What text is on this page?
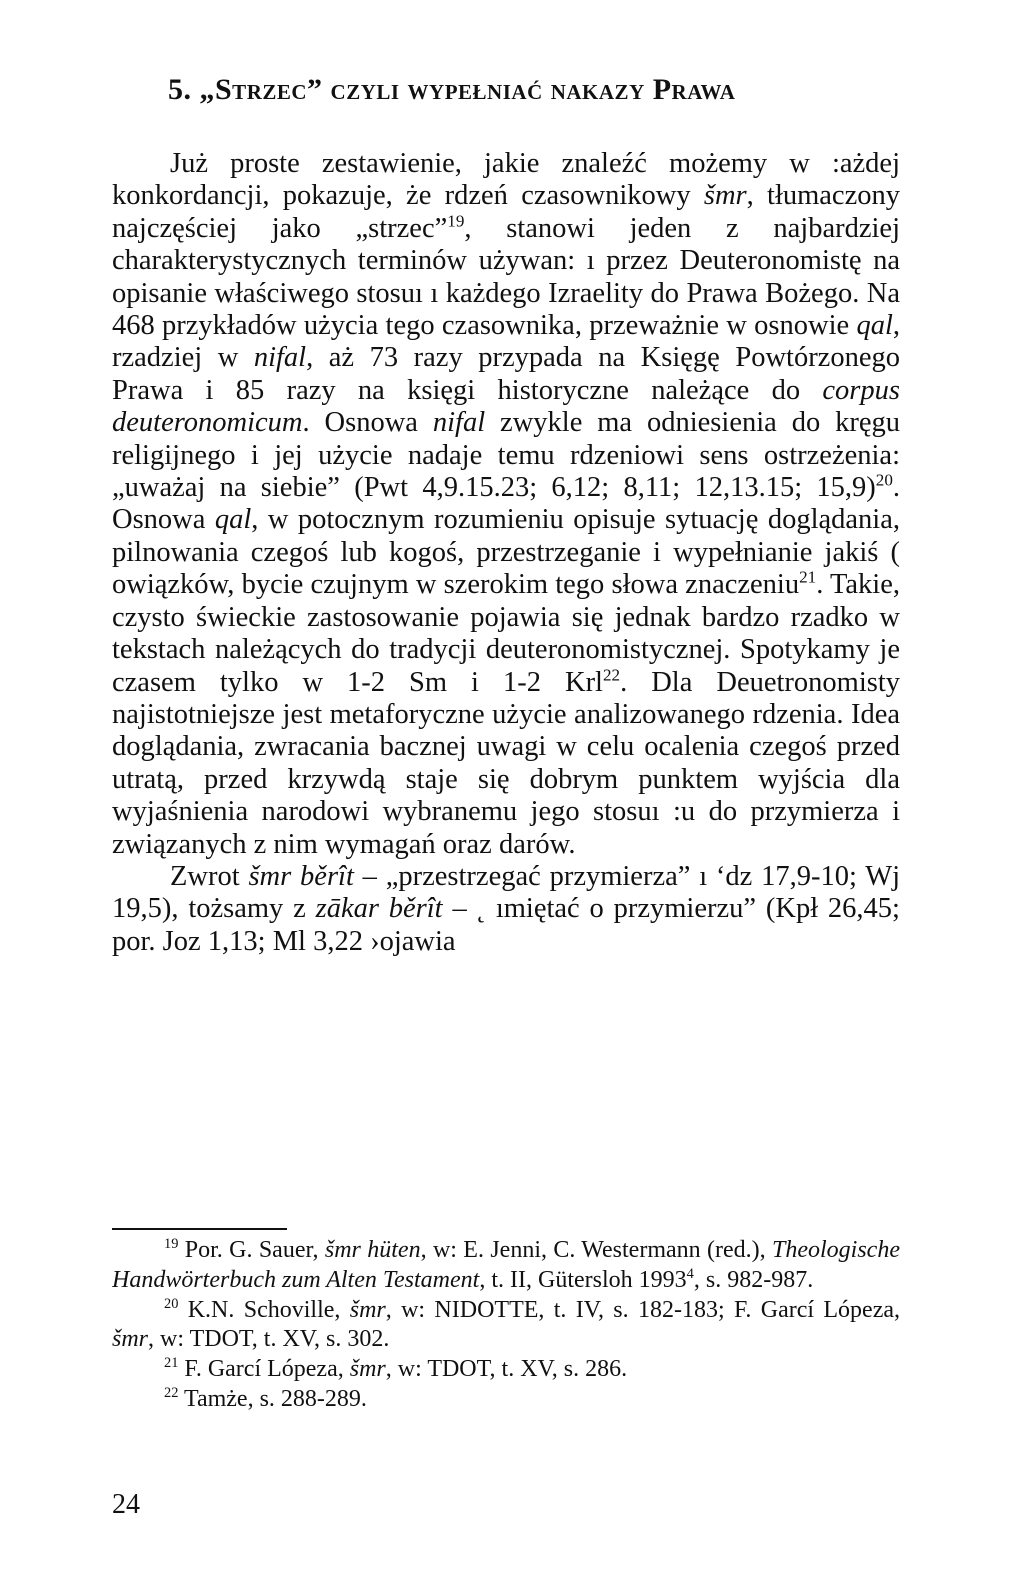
5. „Strzec” czyli wypełniać nakazy Prawa

Już proste zestawienie, jakie znaleźć możemy w :ażdej konkordancji, pokazuje, że rdzeń czasownikowy šmr, tłumaczony najczęściej jako „strzec”$^{19}$, stanowi jeden z najbardziej charakterystycznych terminów używan: ı przez Deuteronomistę na opisanie właściwego stosuı ı każdego Izraelity do Prawa Bożego. Na 468 przykładów użycia tego czasownika, przeważnie w osnowie qal, rzadziej w nifal, aż 73 razy przypada na Księgę Powtórzonego Prawa i 85 razy na księgi historyczne należące do corpus deuteronomicum. Osnowa nifal zwykle ma odniesienia do kręgu religijnego i jej użycie nadaje temu rdzeniowi sens ostrzeżenia: „uważaj na siebie” (Pwt 4,9.15.23; 6,12; 8,11; 12,13.15; 15,9)$^{20}$. Osnowa qal, w potocznym rozumieniu opisuje sytuację doglądania, pilnowania czegoś lub kogoś, przestrzeganie i wypełnianie jakiś ( owiązków, bycie czujnym w szerokim tego słowa znaczeniu$^{21}$. Takie, czysto świeckie zastosowanie pojawia się jednak bardzo rzadko w tekstach należących do tradycji deuteronomistycznej. Spotykamy je czasem tylko w 1-2 Sm i 1-2 Krl$^{22}$. Dla Deuetronomisty najistotniejsze jest metaforyczne użycie analizowanego rdzenia. Idea doglądania, zwracania bacznej uwagi w celu ocalenia czegoś przed utratą, przed krzywdą staje się dobrym punktem wyjścia dla wyjaśnienia narodowi wybranemu jego stosuı :u do przymierza i związanych z nim wymagań oraz darów.

Zwrot šmr běrît – „przestrzegać przymierza” ı ‘dz 17,9-10; Wj 19,5), tożsamy z zākar běrît – ˛ ımiętać o przymierzu” (Kpł 26,45; por. Joz 1,13; Ml 3,22 ›ojawia

$^{19}$ Por. G. Sauer, šmr hüten, w: E. Jenni, C. Westermann (red.), Theologische Handwörterbuch zum Alten Testament, t. II, Gütersloh 1993$^4$, s. 982-987.

$^{20}$ K.N. Schoville, šmr, w: NIDOTTE, t. IV, s. 182-183; F. Garcí Lópeza, šmr, w: TDOT, t. XV, s. 302.

$^{21}$ F. Garcí Lópeza, šmr, w: TDOT, t. XV, s. 286.

$^{22}$ Tamże, s. 288-289.

24
